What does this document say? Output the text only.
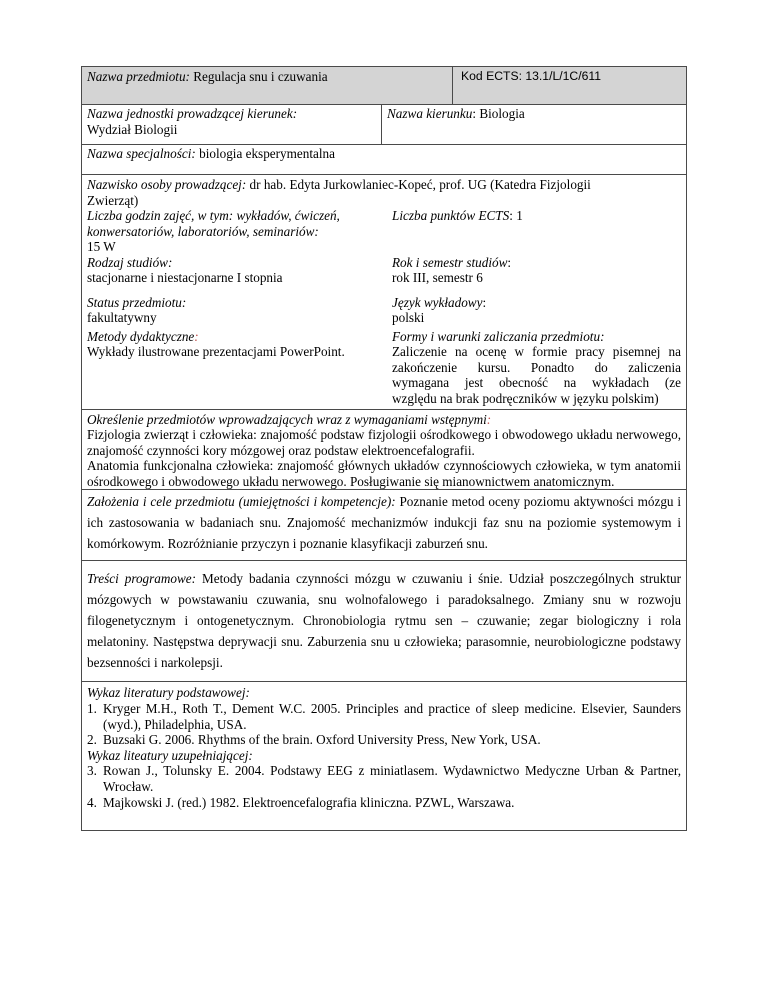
Nazwa przedmiotu: Regulacja snu i czuwania	Kod ECTS: 13.1/L/1C/611
Nazwa jednostki prowadzącej kierunek:
Wydział Biologii
Nazwa kierunku: Biologia
Nazwa specjalności: biologia eksperymentalna
Nazwisko osoby prowadzącej: dr hab. Edyta Jurkowlaniec-Kopeć, prof. UG (Katedra Fizjologii
Zwierząt)
Liczba godzin zajęć, w tym: wykładów, ćwiczeń,
konwersatoriów, laboratoriów, seminariów:
15 W
Liczba punktów ECTS: 1
Rodzaj studiów:
stacjonarne i niestacjonarne I stopnia
Rok i semestr studiów:
rok III, semestr 6
Status przedmiotu:
fakultatywny
Język wykładowy:
polski
Metody dydaktyczne:
Wykłady ilustrowane prezentacjami PowerPoint.
Formy i warunki zaliczania przedmiotu:
Zaliczenie na ocenę w formie pracy pisemnej na
zakończenie kursu. Ponadto do zaliczenia
wymagana jest obecność na wykładach (ze
względu na brak podręczników w języku polskim)
Określenie przedmiotów wprowadzających wraz z wymaganiami wstępnymi:
Fizjologia zwierząt i człowieka: znajomość podstaw fizjologii ośrodkowego i obwodowego układu nerwowego, znajomość czynności kory mózgowej oraz podstaw elektroencefalografii.
Anatomia funkcjonalna człowieka: znajomość głównych układów czynnościowych człowieka, w tym anatomii ośrodkowego i obwodowego układu nerwowego. Posługiwanie się mianownictwem anatomicznym.
Założenia i cele przedmiotu (umiejętności i kompetencje): Poznanie metod oceny poziomu aktywności mózgu i ich zastosowania w badaniach snu. Znajomość mechanizmów indukcji faz snu na poziomie systemowym i komórkowym. Rozróżnianie przyczyn i poznanie klasyfikacji zaburzeń snu.
Treści programowe: Metody badania czynności mózgu w czuwaniu i śnie. Udział poszczególnych struktur mózgowych w powstawaniu czuwania, snu wolnofalowego i paradoksalnego. Zmiany snu w rozwoju filogenetycznym i ontogenetycznym. Chronobiologia rytmu sen – czuwanie; zegar biologiczny i rola melatoniny. Następstwa deprywacji snu. Zaburzenia snu u człowieka; parasomnie, neurobiologiczne podstawy bezsenności i narkolepsji.
Wykaz literatury podstawowej:
1. Kryger M.H., Roth T., Dement W.C. 2005. Principles and practice of sleep medicine. Elsevier, Saunders (wyd.), Philadelphia, USA.
2. Buzsaki G. 2006. Rhythms of the brain. Oxford University Press, New York, USA.
Wykaz liteatury uzupełniającej:
3. Rowan J., Tolunsky E. 2004. Podstawy EEG z miniatlasem. Wydawnictwo Medyczne Urban & Partner, Wrocław.
4. Majkowski J. (red.) 1982. Elektroencefalografia kliniczna. PZWL, Warszawa.
